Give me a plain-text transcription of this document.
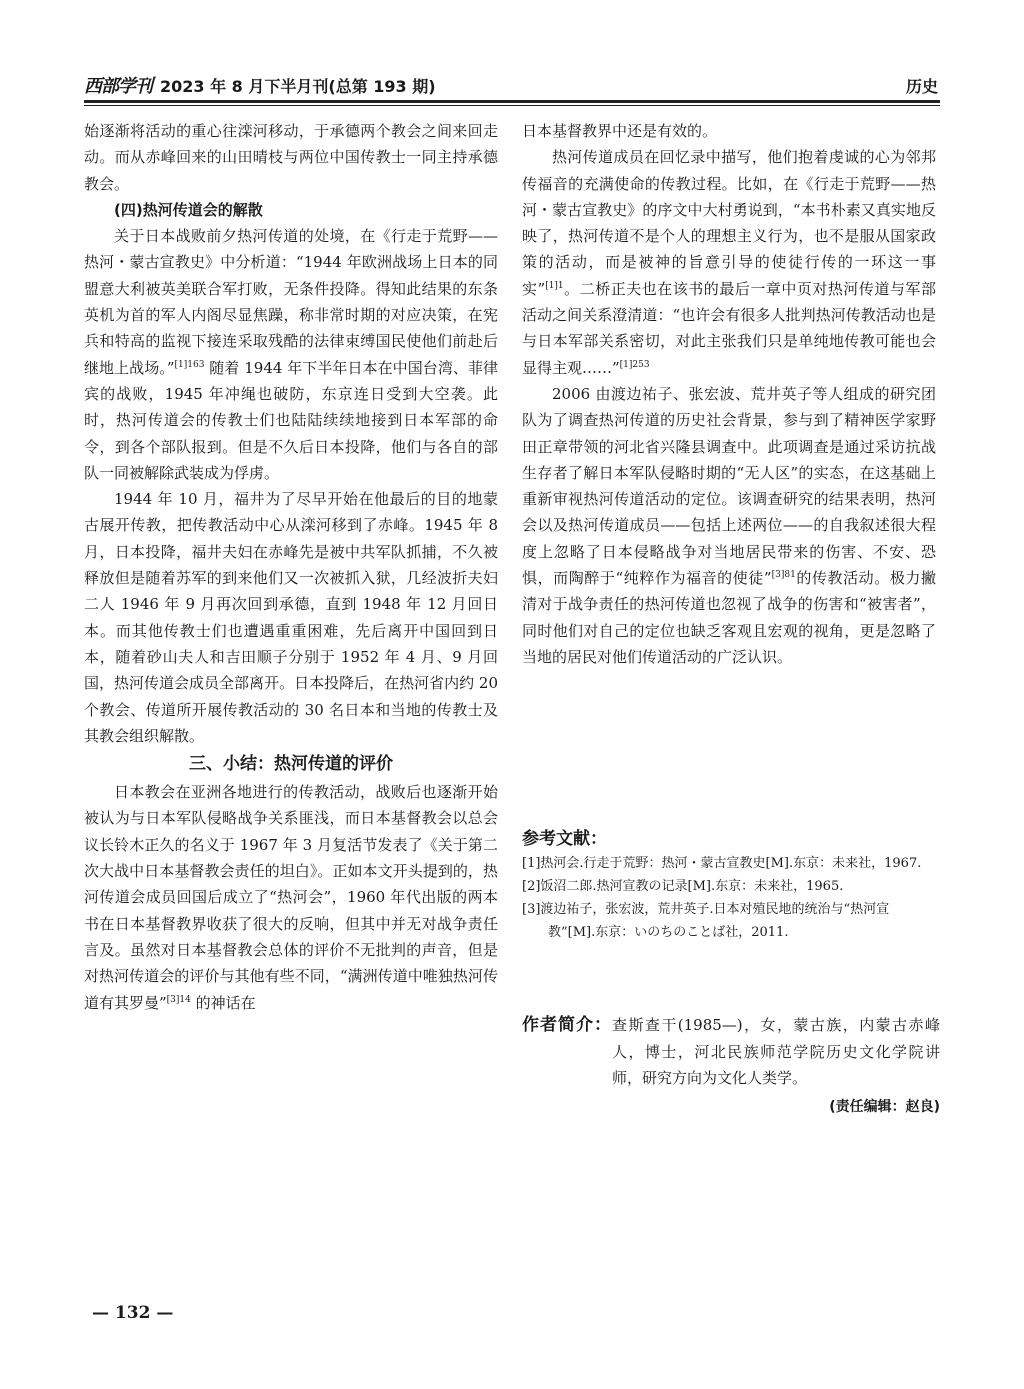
西部学刊 2023 年 8 月下半月刊(总第 193 期)	历史

始逐渐将活动的重心往滦河移动，于承德两个教会之间来回走动。而从赤峰回来的山田晴枝与两位中国传教士一同主持承德教会。

(四)热河传道会的解散

关于日本战败前夕热河传道的处境，在《行走于荒野——热河・蒙古宣教史》中分析道：“1944 年欧洲战场上日本的同盟意大利被英美联合军打败，无条件投降。得知此结果的东条英机为首的军人内阁尽显焦躁，称非常时期的对应决策，在宪兵和特高的监视下接连采取残酷的法律束缚国民使他们前赴后继地上战场。”$^{[1]163}$ 随着 1944 年下半年日本在中国台湾、菲律宾的战败，1945 年冲绳也破防，东京连日受到大空袭。此时，热河传道会的传教士们也陆陆续续地接到日本军部的命令，到各个部队报到。但是不久后日本投降，他们与各自的部队一同被解除武装成为俘虏。

1944 年 10 月，福井为了尽早开始在他最后的目的地蒙古展开传教，把传教活动中心从滦河移到了赤峰。1945 年 8 月，日本投降，福井夫妇在赤峰先是被中共军队抓捕，不久被释放但是随着苏军的到来他们又一次被抓入狱，几经波折夫妇二人 1946 年 9 月再次回到承德，直到 1948 年 12 月回日本。而其他传教士们也遭遇重重困难，先后离开中国回到日本，随着砂山夫人和吉田顺子分别于 1952 年 4 月、9 月回国，热河传道会成员全部离开。日本投降后，在热河省内约 20 个教会、传道所开展传教活动的 30 名日本和当地的传教士及其教会组织解散。

三、小结：热河传道的评价

日本教会在亚洲各地进行的传教活动，战败后也逐渐开始被认为与日本军队侵略战争关系匪浅，而日本基督教会以总会议长铃木正久的名义于 1967 年 3 月复活节发表了《关于第二次大战中日本基督教会责任的坦白》。正如本文开头提到的，热河传道会成员回国后成立了“热河会”，1960 年代出版的两本书在日本基督教界收获了很大的反响，但其中并无对战争责任言及。虽然对日本基督教会总体的评价不无批判的声音，但是对热河传道会的评价与其他有些不同，“满洲传道中唯独热河传道有其罗曼”$^{[3]14}$ 的神话在

日本基督教界中还是有效的。

热河传道成员在回忆录中描写，他们抱着虔诚的心为邻邦传福音的充满使命的传教过程。比如，在《行走于荒野——热河・蒙古宣教史》的序文中大村勇说到，“本书朴素又真实地反映了，热河传道不是个人的理想主义行为，也不是服从国家政策的活动，而是被神的旨意引导的使徒行传的一环这一事实”$^{[1]1}$。二桥正夫也在该书的最后一章中页对热河传道与军部活动之间关系澄清道：“也许会有很多人批判热河传教活动也是与日本军部关系密切，对此主张我们只是单纯地传教可能也会显得主观……”$^{[1]253}$

2006 由渡边祐子、张宏波、荒井英子等人组成的研究团队为了调查热河传道的历史社会背景，参与到了精神医学家野田正章带领的河北省兴隆县调查中。此项调查是通过采访抗战生存者了解日本军队侵略时期的“无人区”的实态，在这基础上重新审视热河传道活动的定位。该调查研究的结果表明，热河会以及热河传道成员——包括上述两位——的自我叙述很大程度上忽略了日本侵略战争对当地居民带来的伤害、不安、恐惧，而陶醉于“纯粹作为福音的使徒”$^{[3]81}$的传教活动。极力撇清对于战争责任的热河传道也忽视了战争的伤害和“被害者”，同时他们对自己的定位也缺乏客观且宏观的视角，更是忽略了当地的居民对他们传道活动的广泛认识。

参考文献：

[1]热河会.行走于荒野：热河・蒙古宣教史[M].东京：未来社，1967.

[2]饭沼二郎.热河宣教の记录[M].东京：未来社，1965.

[3]渡边祐子，张宏波，荒井英子.日本对殖民地的统治与“热河宣教”[M].东京：いのちのことば社，2011.

作者简介： 查斯查干(1985—)，女，蒙古族，内蒙古赤峰人，博士，河北民族师范学院历史文化学院讲师，研究方向为文化人类学。
(责任编辑：赵良)
— 132 —
